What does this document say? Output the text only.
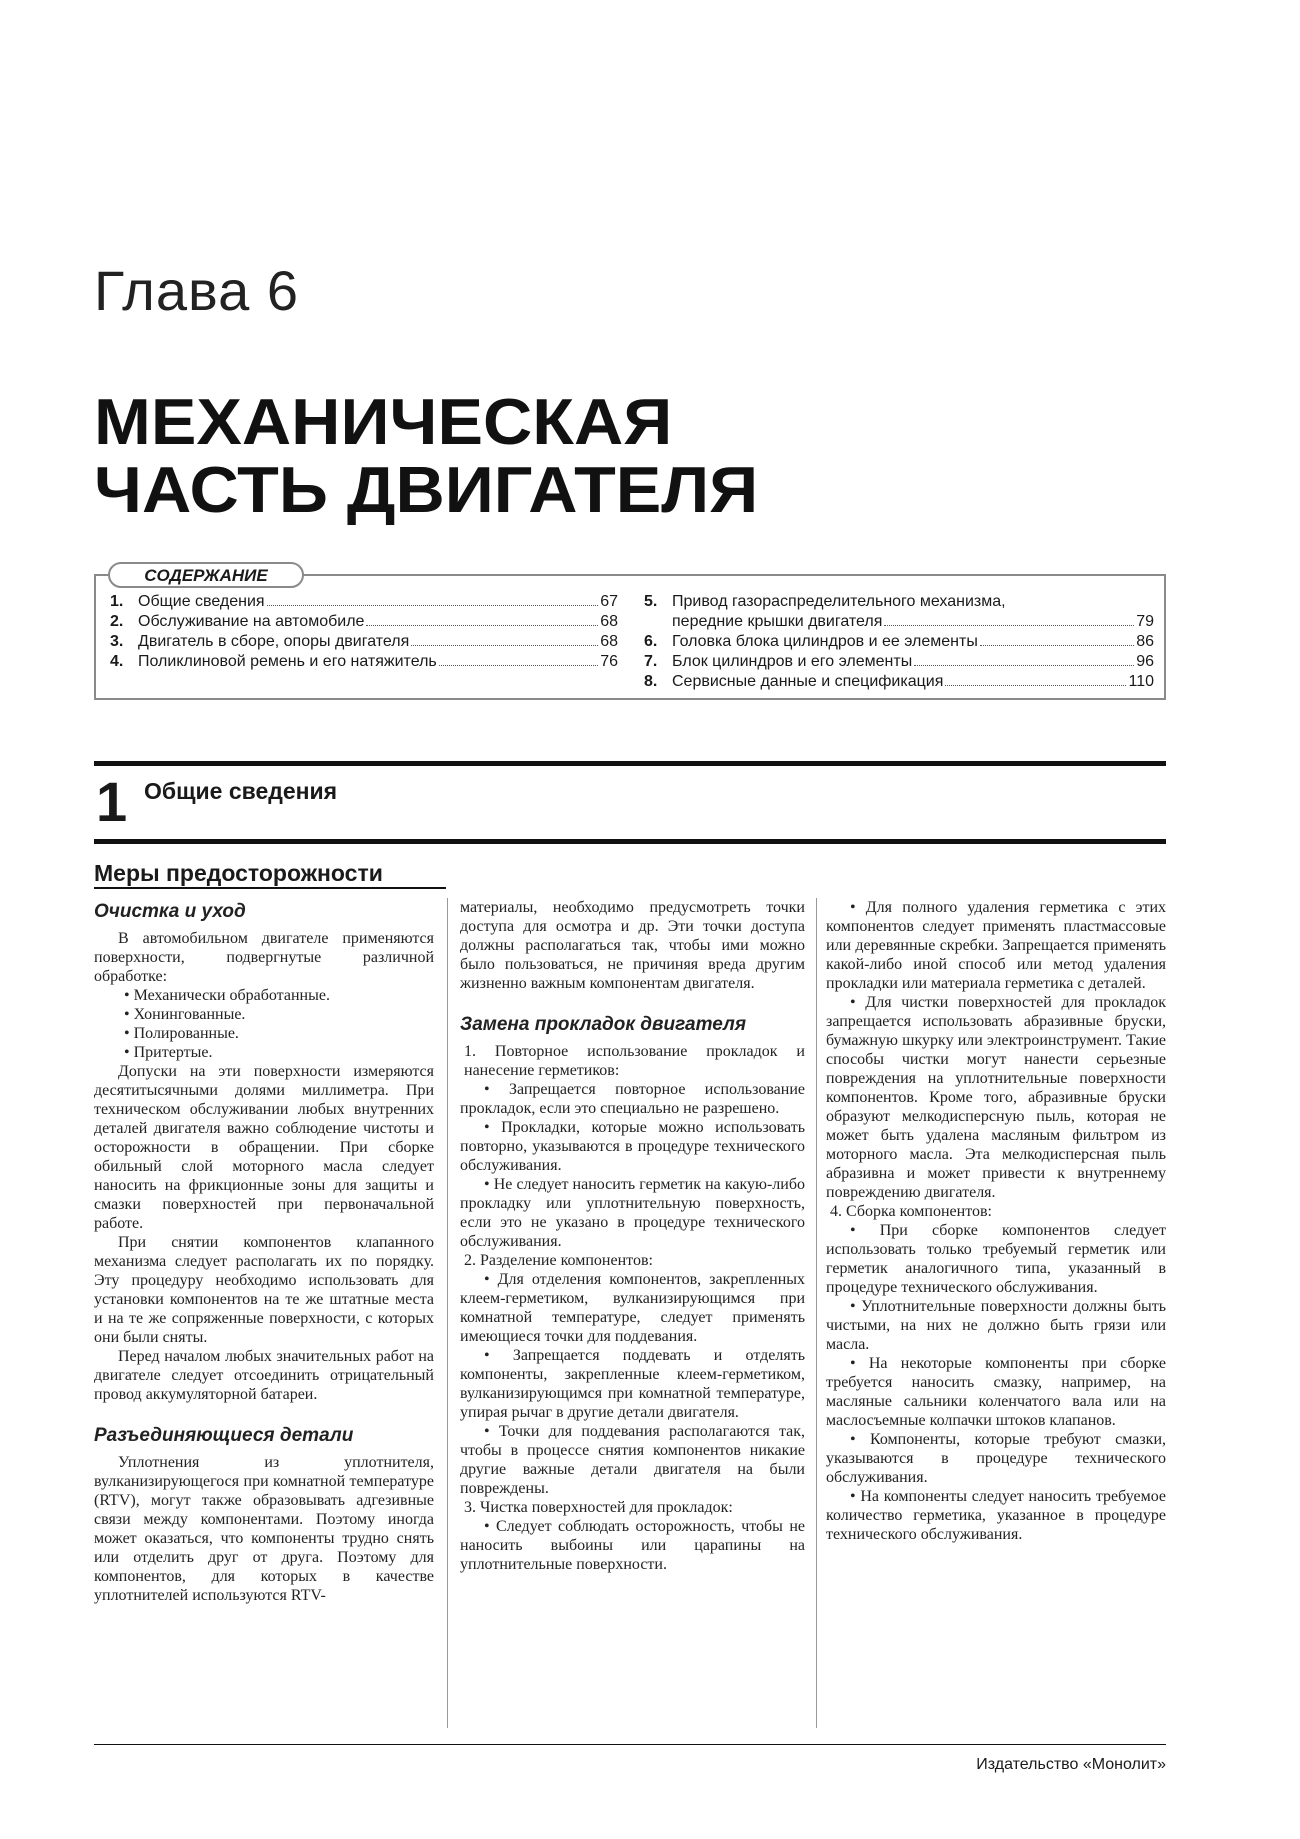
Глава 6
МЕХАНИЧЕСКАЯ
ЧАСТЬ ДВИГАТЕЛЯ
СОДЕРЖАНИЕ
1. Общие сведения	67
2. Обслуживание на автомобиле	68
3. Двигатель в сборе, опоры двигателя	68
4. Поликлиновой ремень и его натяжитель	76
5. Привод газораспределительного механизма,
передние крышки двигателя	79
6. Головка блока цилиндров и ее элементы	86
7. Блок цилиндров и его элементы	96
8. Сервисные данные и спецификация	110
1 Общие сведения
Меры предосторожности
Очистка и уход

В автомобильном двигателе применяются поверхности, подвергнутые различной обработке:

• Механически обработанные.

• Хонингованные.

• Полированные.

• Притертые.

Допуски на эти поверхности измеряются десятитысячными долями миллиметра. При техническом обслуживании любых внутренних деталей двигателя важно соблюдение чистоты и осторожности в обращении. При сборке обильный слой моторного масла следует наносить на фрикционные зоны для защиты и смазки поверхностей при первоначальной работе.

При снятии компонентов клапанного механизма следует располагать их по порядку. Эту процедуру необходимо использовать для установки компонентов на те же штатные места и на те же сопряженные поверхности, с которых они были сняты.

Перед началом любых значительных работ на двигателе следует отсоединить отрицательный провод аккумуляторной батареи.

Разъединяющиеся детали

Уплотнения из уплотнителя, вулканизирующегося при комнатной температуре (RTV), могут также образовывать адгезивные связи между компонентами. Поэтому иногда может оказаться, что компоненты трудно снять или отделить друг от друга. Поэтому для компонентов, для которых в качестве уплотнителей используются RTV-

материалы, необходимо предусмотреть точки доступа для осмотра и др. Эти точки доступа должны располагаться так, чтобы ими можно было пользоваться, не причиняя вреда другим жизненно важным компонентам двигателя.

Замена прокладок двигателя

1. Повторное использование прокладок и нанесение герметиков:

• Запрещается повторное использование прокладок, если это специально не разрешено.

• Прокладки, которые можно использовать повторно, указываются в процедуре технического обслуживания.

• Не следует наносить герметик на какую-либо прокладку или уплотнительную поверхность, если это не указано в процедуре технического обслуживания.

2. Разделение компонентов:

• Для отделения компонентов, закрепленных клеем-герметиком, вулканизирующимся при комнатной температуре, следует применять имеющиеся точки для поддевания.

• Запрещается поддевать и отделять компоненты, закрепленные клеем-герметиком, вулканизирующимся при комнатной температуре, упирая рычаг в другие детали двигателя.

• Точки для поддевания располагаются так, чтобы в процессе снятия компонентов никакие другие важные детали двигателя на были повреждены.

3. Чистка поверхностей для прокладок:

• Следует соблюдать осторожность, чтобы не наносить выбоины или царапины на уплотнительные поверхности.

• Для полного удаления герметика с этих компонентов следует применять пластмассовые или деревянные скребки. Запрещается применять какой-либо иной способ или метод удаления прокладки или материала герметика с деталей.

• Для чистки поверхностей для прокладок запрещается использовать абразивные бруски, бумажную шкурку или электроинструмент. Такие способы чистки могут нанести серьезные повреждения на уплотнительные поверхности компонентов. Кроме того, абразивные бруски образуют мелкодисперсную пыль, которая не может быть удалена масляным фильтром из моторного масла. Эта мелкодисперсная пыль абразивна и может привести к внутреннему повреждению двигателя.

4. Сборка компонентов:

• При сборке компонентов следует использовать только требуемый герметик или герметик аналогичного типа, указанный в процедуре технического обслуживания.

• Уплотнительные поверхности должны быть чистыми, на них не должно быть грязи или масла.

• На некоторые компоненты при сборке требуется наносить смазку, например, на масляные сальники коленчатого вала или на маслосъемные колпачки штоков клапанов.

• Компоненты, которые требуют смазки, указываются в процедуре технического обслуживания.

• На компоненты следует наносить требуемое количество герметика, указанное в процедуре технического обслуживания.

Издательство «Монолит»
